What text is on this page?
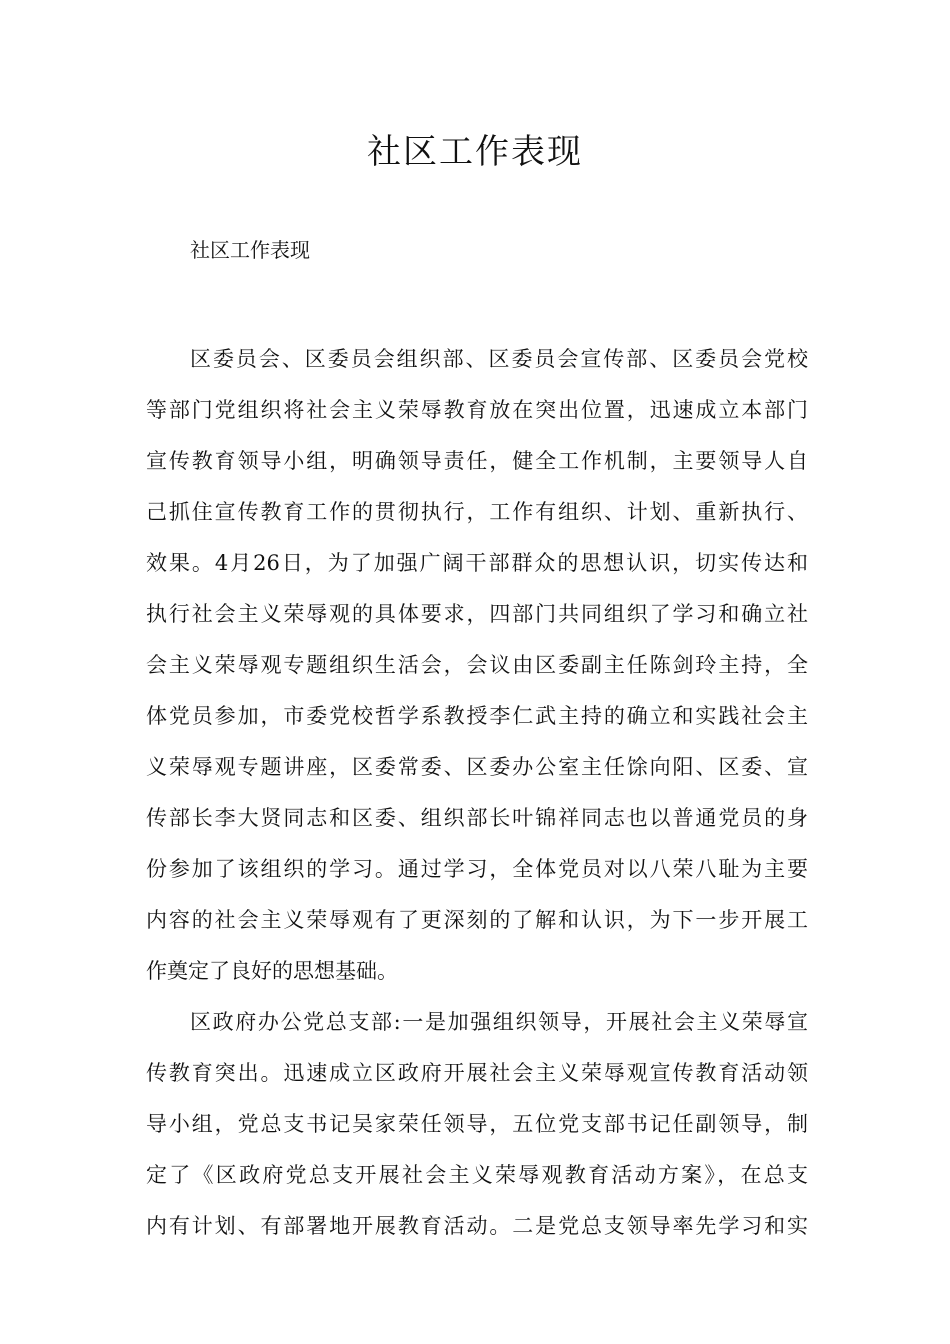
社区工作表现

社区工作表现

区委员会、区委员会组织部、区委员会宣传部、区委员会党校
等部门党组织将社会主义荣辱教育放在突出位置，迅速成立本部门
宣传教育领导小组，明确领导责任，健全工作机制，主要领导人自
己抓住宣传教育工作的贯彻执行，工作有组织、计划、重新执行、
效果。4月26日，为了加强广阔干部群众的思想认识，切实传达和
执行社会主义荣辱观的具体要求，四部门共同组织了学习和确立社
会主义荣辱观专题组织生活会，会议由区委副主任陈剑玲主持，全
体党员参加，市委党校哲学系教授李仁武主持的确立和实践社会主
义荣辱观专题讲座，区委常委、区委办公室主任馀向阳、区委、宣
传部长李大贤同志和区委、组织部长叶锦祥同志也以普通党员的身
份参加了该组织的学习。通过学习，全体党员对以八荣八耻为主要
内容的社会主义荣辱观有了更深刻的了解和认识，为下一步开展工
作奠定了良好的思想基础。
区政府办公党总支部:一是加强组织领导，开展社会主义荣辱宣
传教育突出。迅速成立区政府开展社会主义荣辱观宣传教育活动领
导小组，党总支书记吴家荣任领导，五位党支部书记任副领导，制
定了《区政府党总支开展社会主义荣辱观教育活动方案》，在总支
内有计划、有部署地开展教育活动。二是党总支领导率先学习和实
